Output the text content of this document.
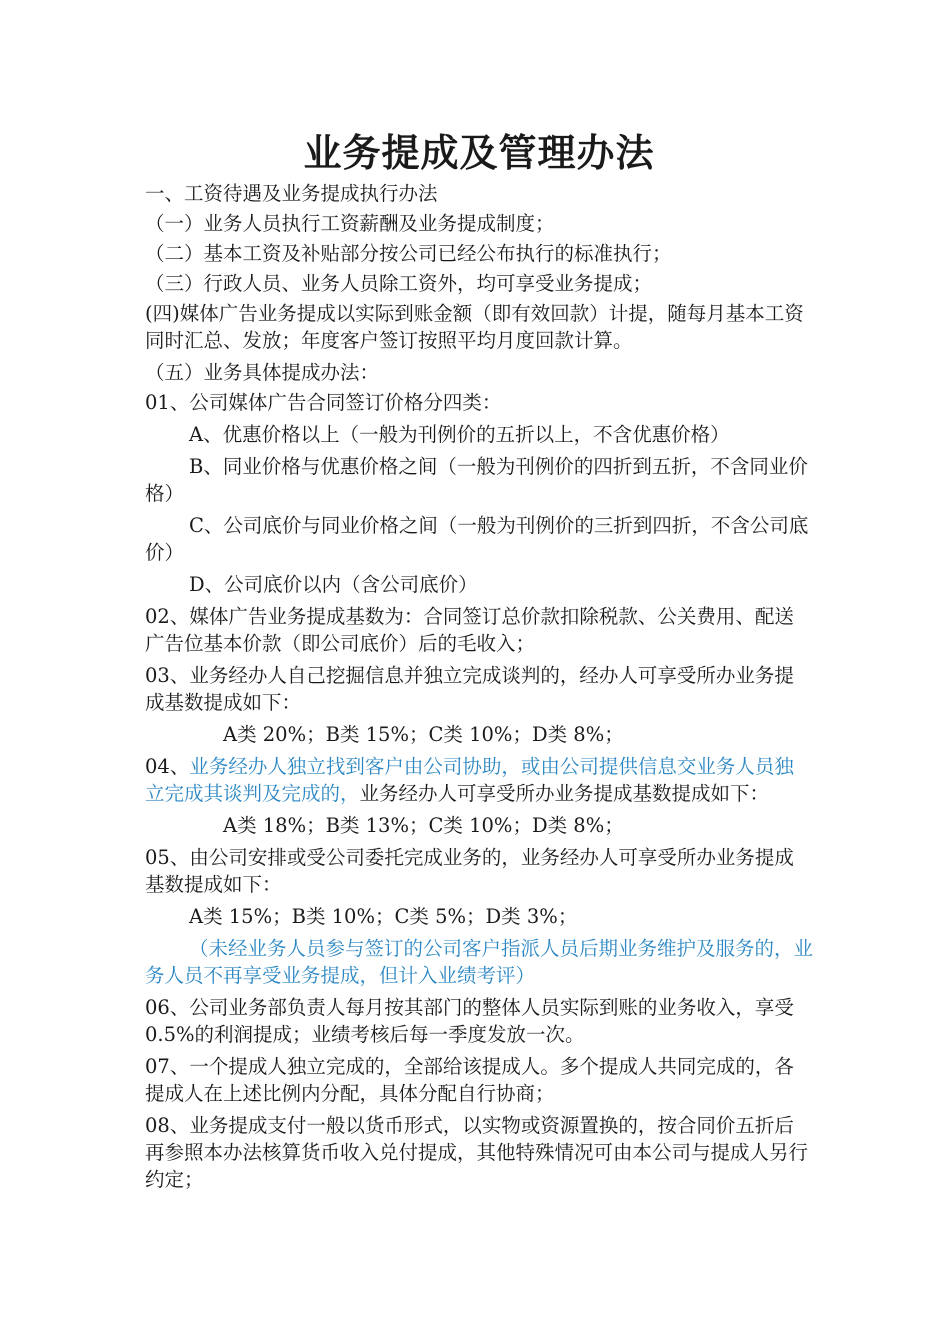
业务提成及管理办法
一、工资待遇及业务提成执行办法
（一）业务人员执行工资薪酬及业务提成制度；
（二）基本工资及补贴部分按公司已经公布执行的标准执行；
（三）行政人员、业务人员除工资外，均可享受业务提成；
(四)媒体广告业务提成以实际到账金额（即有效回款）计提，随每月基本工资同时汇总、发放；年度客户签订按照平均月度回款计算。
（五）业务具体提成办法：
01、公司媒体广告合同签订价格分四类：
A、优惠价格以上（一般为刊例价的五折以上，不含优惠价格）
B、同业价格与优惠价格之间（一般为刊例价的四折到五折，不含同业价格）
C、公司底价与同业价格之间（一般为刊例价的三折到四折，不含公司底价）
D、公司底价以内（含公司底价）
02、媒体广告业务提成基数为：合同签订总价款扣除税款、公关费用、配送广告位基本价款（即公司底价）后的毛收入；
03、业务经办人自己挖掘信息并独立完成谈判的，经办人可享受所办业务提成基数提成如下：
A类 20%；B类 15%；C类 10%；D类 8%；
04、业务经办人独立找到客户由公司协助，或由公司提供信息交业务人员独立完成其谈判及完成的，业务经办人可享受所办业务提成基数提成如下：
A类 18%；B类 13%；C类 10%；D类 8%；
05、由公司安排或受公司委托完成业务的，业务经办人可享受所办业务提成基数提成如下：
A类 15%；B类 10%；C类 5%；D类 3%；
（未经业务人员参与签订的公司客户指派人员后期业务维护及服务的，业务人员不再享受业务提成，但计入业绩考评）
06、公司业务部负责人每月按其部门的整体人员实际到账的业务收入，享受0.5%的利润提成；业绩考核后每一季度发放一次。
07、一个提成人独立完成的，全部给该提成人。多个提成人共同完成的，各提成人在上述比例内分配，具体分配自行协商；
08、业务提成支付一般以货币形式，以实物或资源置换的，按合同价五折后再参照本办法核算货币收入兑付提成，其他特殊情况可由本公司与提成人另行约定；
